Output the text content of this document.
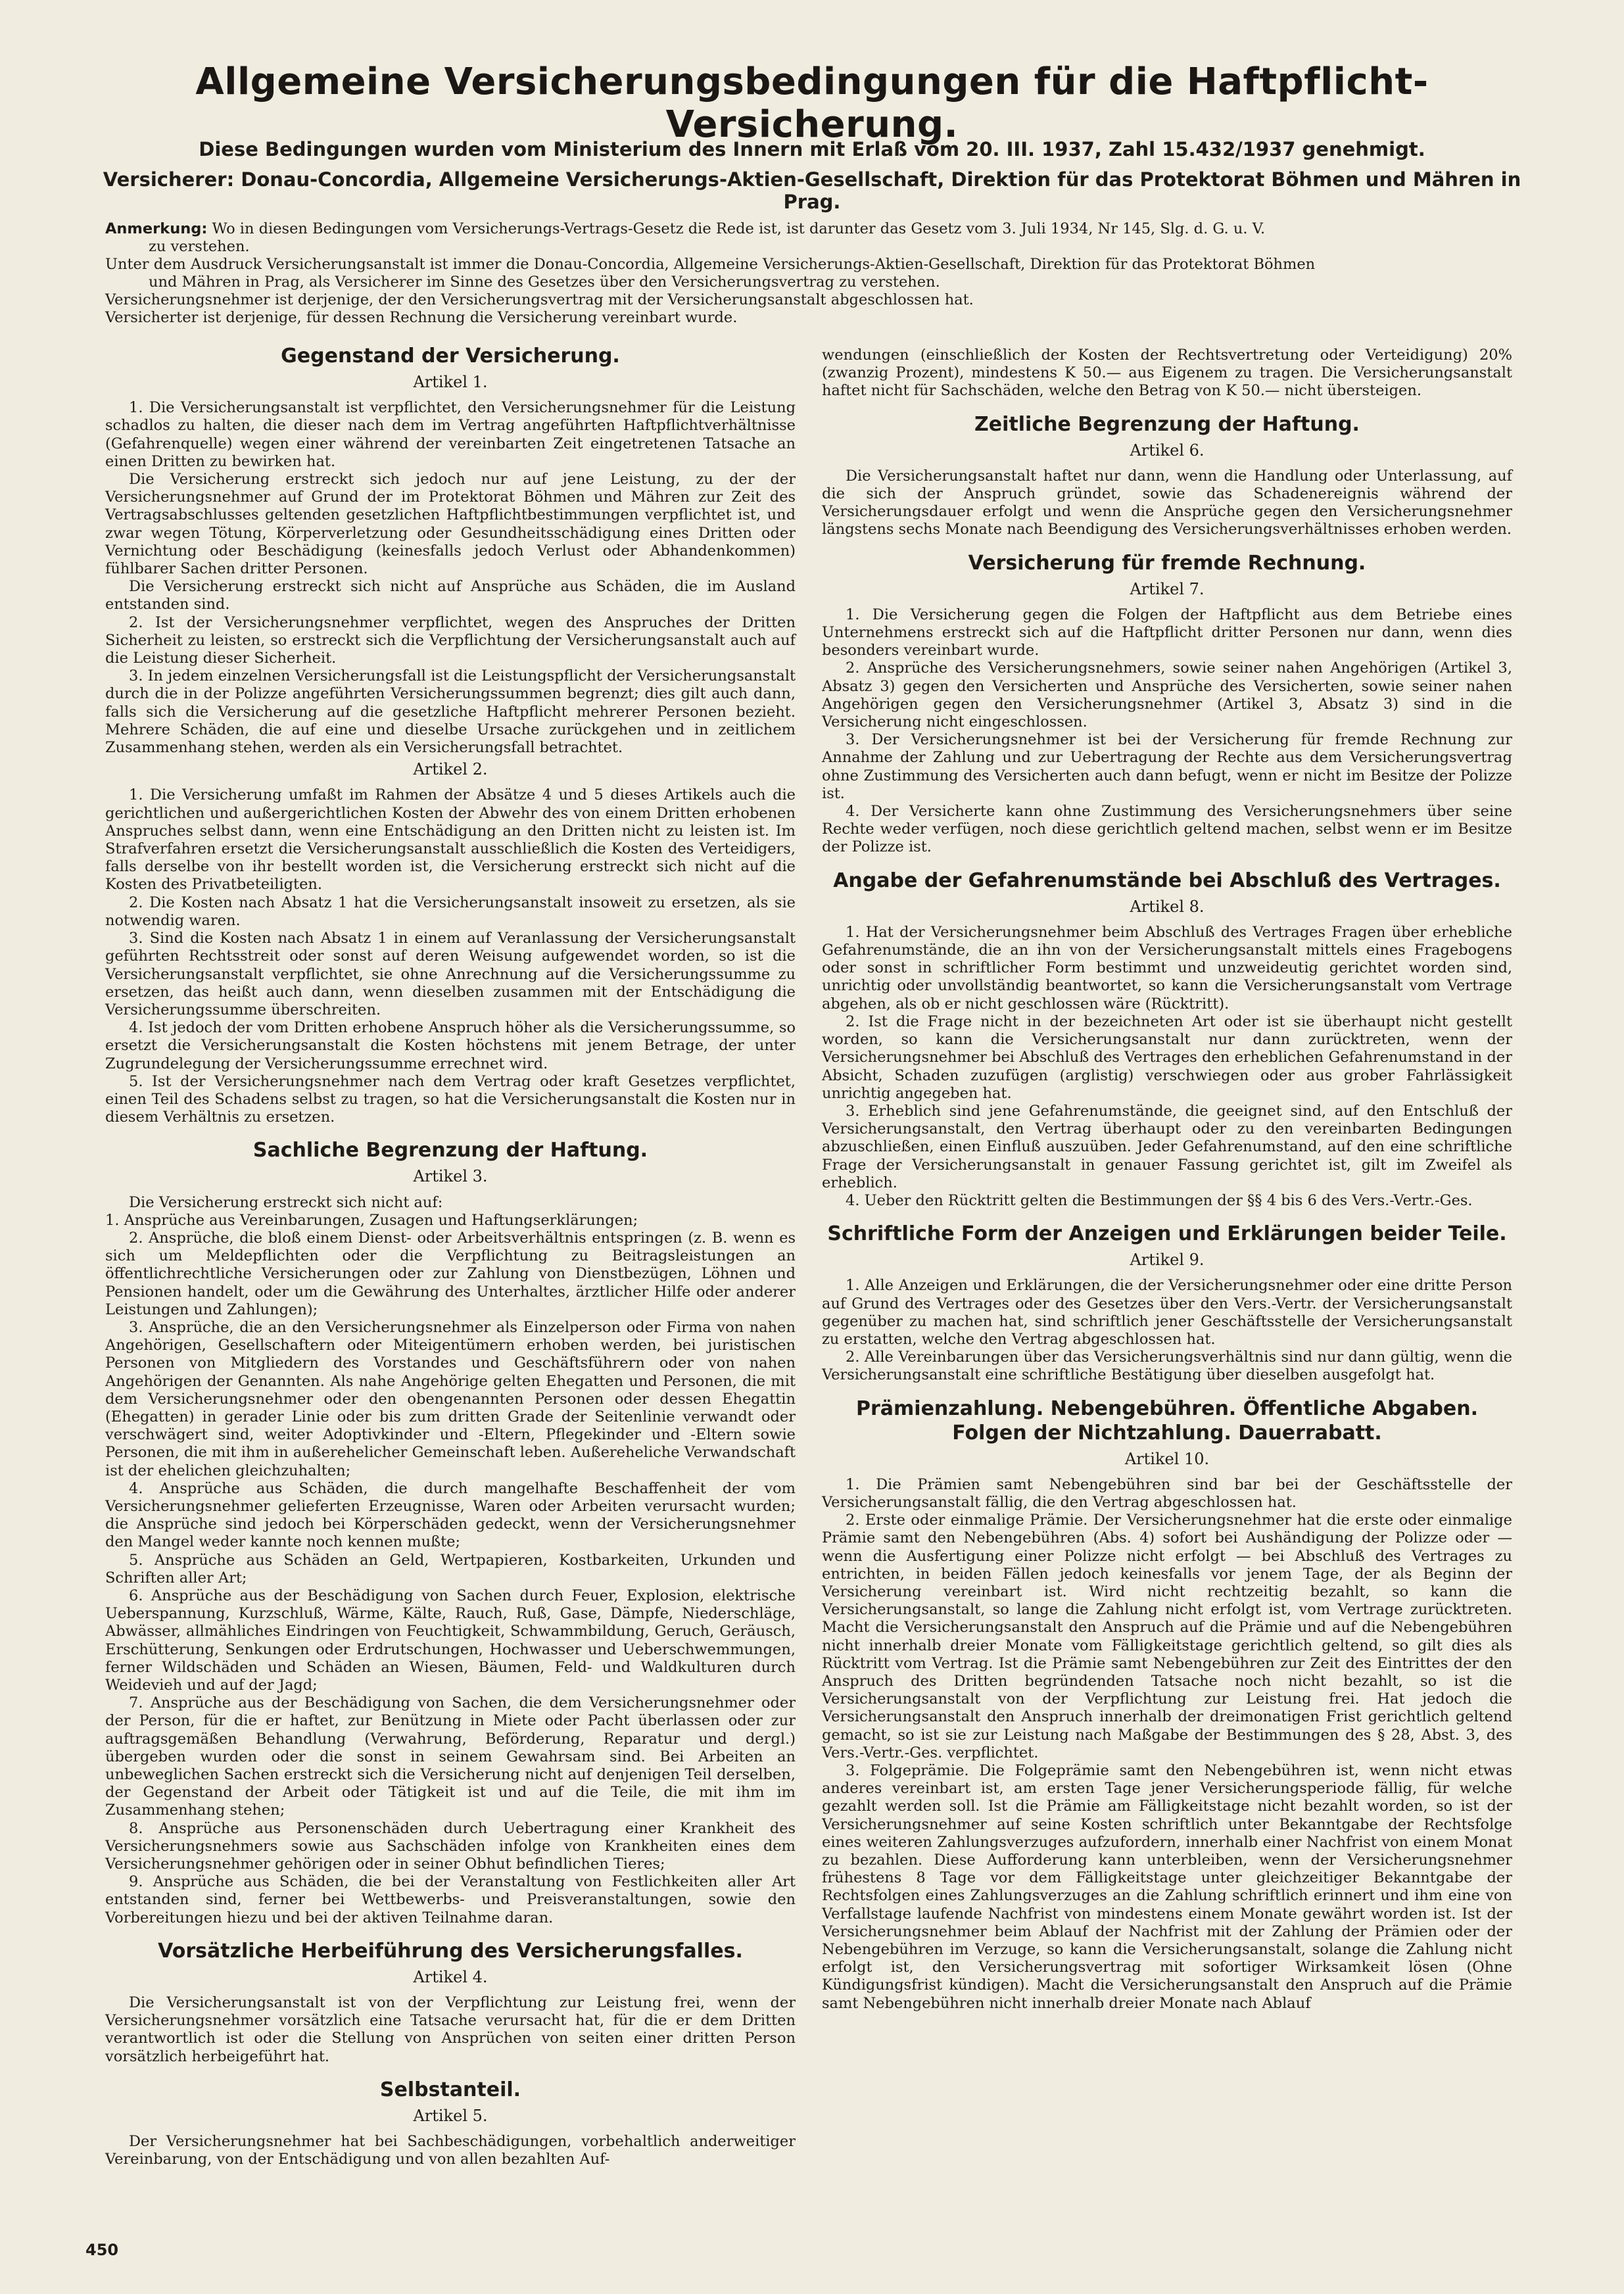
Allgemeine Versicherungsbedingungen für die Haftpflicht-Versicherung.

Diese Bedingungen wurden vom Ministerium des Innern mit Erlaß vom 20. III. 1937, Zahl 15.432/1937 genehmigt.

Versicherer: Donau-Concordia, Allgemeine Versicherungs-Aktien-Gesellschaft, Direktion für das Protektorat Böhmen und Mähren in Prag.

Anmerkung: Wo in diesen Bedingungen vom Versicherungs-Vertrags-Gesetz die Rede ist, ist darunter das Gesetz vom 3. Juli 1934, Nr 145, Slg. d. G. u. V.

zu verstehen.

Unter dem Ausdruck Versicherungsanstalt ist immer die Donau-Concordia, Allgemeine Versicherungs-Aktien-Gesellschaft, Direktion für das Protektorat Böhmen

und Mähren in Prag, als Versicherer im Sinne des Gesetzes über den Versicherungsvertrag zu verstehen.

Versicherungsnehmer ist derjenige, der den Versicherungsvertrag mit der Versicherungsanstalt abgeschlossen hat.

Versicherter ist derjenige, für dessen Rechnung die Versicherung vereinbart wurde.

Gegenstand der Versicherung.

Artikel 1.

1. Die Versicherungsanstalt ist verpflichtet, den Versicherungsnehmer für die Leistung schadlos zu halten, die dieser nach dem im Vertrag angeführten Haftpflichtverhältnisse (Gefahrenquelle) wegen einer während der vereinbarten Zeit eingetretenen Tatsache an einen Dritten zu bewirken hat.

Die Versicherung erstreckt sich jedoch nur auf jene Leistung, zu der der Versicherungsnehmer auf Grund der im Protektorat Böhmen und Mähren zur Zeit des Vertragsabschlusses geltenden gesetzlichen Haftpflichtbestimmungen verpflichtet ist, und zwar wegen Tötung, Körperverletzung oder Gesundheitsschädigung eines Dritten oder Vernichtung oder Beschädigung (keinesfalls jedoch Verlust oder Abhandenkommen) fühlbarer Sachen dritter Personen.

Die Versicherung erstreckt sich nicht auf Ansprüche aus Schäden, die im Ausland entstanden sind.

2. Ist der Versicherungsnehmer verpflichtet, wegen des Anspruches der Dritten Sicherheit zu leisten, so erstreckt sich die Verpflichtung der Versicherungsanstalt auch auf die Leistung dieser Sicherheit.

3. In jedem einzelnen Versicherungsfall ist die Leistungspflicht der Versicherungsanstalt durch die in der Polizze angeführten Versicherungssummen begrenzt; dies gilt auch dann, falls sich die Versicherung auf die gesetzliche Haftpflicht mehrerer Personen bezieht. Mehrere Schäden, die auf eine und dieselbe Ursache zurückgehen und in zeitlichem Zusammenhang stehen, werden als ein Versicherungsfall betrachtet.

Artikel 2.

1. Die Versicherung umfaßt im Rahmen der Absätze 4 und 5 dieses Artikels auch die gerichtlichen und außergerichtlichen Kosten der Abwehr des von einem Dritten erhobenen Anspruches selbst dann, wenn eine Entschädigung an den Dritten nicht zu leisten ist. Im Strafverfahren ersetzt die Versicherungsanstalt ausschließlich die Kosten des Verteidigers, falls derselbe von ihr bestellt worden ist, die Versicherung erstreckt sich nicht auf die Kosten des Privatbeteiligten.

2. Die Kosten nach Absatz 1 hat die Versicherungsanstalt insoweit zu ersetzen, als sie notwendig waren.

3. Sind die Kosten nach Absatz 1 in einem auf Veranlassung der Versicherungsanstalt geführten Rechtsstreit oder sonst auf deren Weisung aufgewendet worden, so ist die Versicherungsanstalt verpflichtet, sie ohne Anrechnung auf die Versicherungssumme zu ersetzen, das heißt auch dann, wenn dieselben zusammen mit der Entschädigung die Versicherungssumme überschreiten.

4. Ist jedoch der vom Dritten erhobene Anspruch höher als die Versicherungssumme, so ersetzt die Versicherungsanstalt die Kosten höchstens mit jenem Betrage, der unter Zugrundelegung der Versicherungssumme errechnet wird.

5. Ist der Versicherungsnehmer nach dem Vertrag oder kraft Gesetzes verpflichtet, einen Teil des Schadens selbst zu tragen, so hat die Versicherungsanstalt die Kosten nur in diesem Verhältnis zu ersetzen.

Sachliche Begrenzung der Haftung.

Artikel 3.

Die Versicherung erstreckt sich nicht auf:

1. Ansprüche aus Vereinbarungen, Zusagen und Haftungserklärungen;

2. Ansprüche, die bloß einem Dienst- oder Arbeitsverhältnis entspringen (z. B. wenn es sich um Meldepflichten oder die Verpflichtung zu Beitragsleistungen an öffentlichrechtliche Versicherungen oder zur Zahlung von Dienstbezügen, Löhnen und Pensionen handelt, oder um die Gewährung des Unterhaltes, ärztlicher Hilfe oder anderer Leistungen und Zahlungen);

3. Ansprüche, die an den Versicherungsnehmer als Einzelperson oder Firma von nahen Angehörigen, Gesellschaftern oder Miteigentümern erhoben werden, bei juristischen Personen von Mitgliedern des Vorstandes und Geschäftsführern oder von nahen Angehörigen der Genannten. Als nahe Angehörige gelten Ehegatten und Personen, die mit dem Versicherungsnehmer oder den obengenannten Personen oder dessen Ehegattin (Ehegatten) in gerader Linie oder bis zum dritten Grade der Seitenlinie verwandt oder verschwägert sind, weiter Adoptivkinder und -Eltern, Pflegekinder und -Eltern sowie Personen, die mit ihm in außerehelicher Gemeinschaft leben. Außereheliche Verwandschaft ist der ehelichen gleichzuhalten;

4. Ansprüche aus Schäden, die durch mangelhafte Beschaffenheit der vom Versicherungsnehmer gelieferten Erzeugnisse, Waren oder Arbeiten verursacht wurden; die Ansprüche sind jedoch bei Körperschäden gedeckt, wenn der Versicherungsnehmer den Mangel weder kannte noch kennen mußte;

5. Ansprüche aus Schäden an Geld, Wertpapieren, Kostbarkeiten, Urkunden und Schriften aller Art;

6. Ansprüche aus der Beschädigung von Sachen durch Feuer, Explosion, elektrische Ueberspannung, Kurzschluß, Wärme, Kälte, Rauch, Ruß, Gase, Dämpfe, Niederschläge, Abwässer, allmähliches Eindringen von Feuchtigkeit, Schwammbildung, Geruch, Geräusch, Erschütterung, Senkungen oder Erdrutschungen, Hochwasser und Ueberschwemmungen, ferner Wildschäden und Schäden an Wiesen, Bäumen, Feld- und Waldkulturen durch Weidevieh und auf der Jagd;

7. Ansprüche aus der Beschädigung von Sachen, die dem Versicherungsnehmer oder der Person, für die er haftet, zur Benützung in Miete oder Pacht überlassen oder zur auftragsgemäßen Behandlung (Verwahrung, Beförderung, Reparatur und dergl.) übergeben wurden oder die sonst in seinem Gewahrsam sind. Bei Arbeiten an unbeweglichen Sachen erstreckt sich die Versicherung nicht auf denjenigen Teil derselben, der Gegenstand der Arbeit oder Tätigkeit ist und auf die Teile, die mit ihm im Zusammenhang stehen;

8. Ansprüche aus Personenschäden durch Uebertragung einer Krankheit des Versicherungsnehmers sowie aus Sachschäden infolge von Krankheiten eines dem Versicherungsnehmer gehörigen oder in seiner Obhut befindlichen Tieres;

9. Ansprüche aus Schäden, die bei der Veranstaltung von Festlichkeiten aller Art entstanden sind, ferner bei Wettbewerbs- und Preisveranstaltungen, sowie den Vorbereitungen hiezu und bei der aktiven Teilnahme daran.

Vorsätzliche Herbeiführung des Versicherungsfalles.

Artikel 4.

Die Versicherungsanstalt ist von der Verpflichtung zur Leistung frei, wenn der Versicherungsnehmer vorsätzlich eine Tatsache verursacht hat, für die er dem Dritten verantwortlich ist oder die Stellung von Ansprüchen von seiten einer dritten Person vorsätzlich herbeigeführt hat.

Selbstanteil.

Artikel 5.

Der Versicherungsnehmer hat bei Sachbeschädigungen, vorbehaltlich anderweitiger Vereinbarung, von der Entschädigung und von allen bezahlten Auf-

wendungen (einschließlich der Kosten der Rechtsvertretung oder Verteidigung) 20% (zwanzig Prozent), mindestens K 50.— aus Eigenem zu tragen. Die Versicherungsanstalt haftet nicht für Sachschäden, welche den Betrag von K 50.— nicht übersteigen.

Zeitliche Begrenzung der Haftung.

Artikel 6.

Die Versicherungsanstalt haftet nur dann, wenn die Handlung oder Unterlassung, auf die sich der Anspruch gründet, sowie das Schadenereignis während der Versicherungsdauer erfolgt und wenn die Ansprüche gegen den Versicherungsnehmer längstens sechs Monate nach Beendigung des Versicherungsverhältnisses erhoben werden.

Versicherung für fremde Rechnung.

Artikel 7.

1. Die Versicherung gegen die Folgen der Haftpflicht aus dem Betriebe eines Unternehmens erstreckt sich auf die Haftpflicht dritter Personen nur dann, wenn dies besonders vereinbart wurde.

2. Ansprüche des Versicherungsnehmers, sowie seiner nahen Angehörigen (Artikel 3, Absatz 3) gegen den Versicherten und Ansprüche des Versicherten, sowie seiner nahen Angehörigen gegen den Versicherungsnehmer (Artikel 3, Absatz 3) sind in die Versicherung nicht eingeschlossen.

3. Der Versicherungsnehmer ist bei der Versicherung für fremde Rechnung zur Annahme der Zahlung und zur Uebertragung der Rechte aus dem Versicherungsvertrag ohne Zustimmung des Versicherten auch dann befugt, wenn er nicht im Besitze der Polizze ist.

4. Der Versicherte kann ohne Zustimmung des Versicherungsnehmers über seine Rechte weder verfügen, noch diese gerichtlich geltend machen, selbst wenn er im Besitze der Polizze ist.

Angabe der Gefahrenumstände bei Abschluß des Vertrages.

Artikel 8.

1. Hat der Versicherungsnehmer beim Abschluß des Vertrages Fragen über erhebliche Gefahrenumstände, die an ihn von der Versicherungsanstalt mittels eines Fragebogens oder sonst in schriftlicher Form bestimmt und unzweideutig gerichtet worden sind, unrichtig oder unvollständig beantwortet, so kann die Versicherungsanstalt vom Vertrage abgehen, als ob er nicht geschlossen wäre (Rücktritt).

2. Ist die Frage nicht in der bezeichneten Art oder ist sie überhaupt nicht gestellt worden, so kann die Versicherungsanstalt nur dann zurücktreten, wenn der Versicherungsnehmer bei Abschluß des Vertrages den erheblichen Gefahrenumstand in der Absicht, Schaden zuzufügen (arglistig) verschwiegen oder aus grober Fahrlässigkeit unrichtig angegeben hat.

3. Erheblich sind jene Gefahrenumstände, die geeignet sind, auf den Entschluß der Versicherungsanstalt, den Vertrag überhaupt oder zu den vereinbarten Bedingungen abzuschließen, einen Einfluß auszuüben. Jeder Gefahrenumstand, auf den eine schriftliche Frage der Versicherungsanstalt in genauer Fassung gerichtet ist, gilt im Zweifel als erheblich.

4. Ueber den Rücktritt gelten die Bestimmungen der §§ 4 bis 6 des Vers.-Vertr.-Ges.

Schriftliche Form der Anzeigen und Erklärungen beider Teile.

Artikel 9.

1. Alle Anzeigen und Erklärungen, die der Versicherungsnehmer oder eine dritte Person auf Grund des Vertrages oder des Gesetzes über den Vers.-Vertr. der Versicherungsanstalt gegenüber zu machen hat, sind schriftlich jener Geschäftsstelle der Versicherungsanstalt zu erstatten, welche den Vertrag abgeschlossen hat.

2. Alle Vereinbarungen über das Versicherungsverhältnis sind nur dann gültig, wenn die Versicherungsanstalt eine schriftliche Bestätigung über dieselben ausgefolgt hat.

Prämienzahlung. Nebengebühren. Öffentliche Abgaben. Folgen der Nichtzahlung. Dauerrabatt.

Artikel 10.

1. Die Prämien samt Nebengebühren sind bar bei der Geschäftsstelle der Versicherungsanstalt fällig, die den Vertrag abgeschlossen hat.

2. Erste oder einmalige Prämie. Der Versicherungsnehmer hat die erste oder einmalige Prämie samt den Nebengebühren (Abs. 4) sofort bei Aushändigung der Polizze oder — wenn die Ausfertigung einer Polizze nicht erfolgt — bei Abschluß des Vertrages zu entrichten, in beiden Fällen jedoch keinesfalls vor jenem Tage, der als Beginn der Versicherung vereinbart ist. Wird nicht rechtzeitig bezahlt, so kann die Versicherungsanstalt, so lange die Zahlung nicht erfolgt ist, vom Vertrage zurücktreten. Macht die Versicherungsanstalt den Anspruch auf die Prämie und auf die Nebengebühren nicht innerhalb dreier Monate vom Fälligkeitstage gerichtlich geltend, so gilt dies als Rücktritt vom Vertrag. Ist die Prämie samt Nebengebühren zur Zeit des Eintrittes der den Anspruch des Dritten begründenden Tatsache noch nicht bezahlt, so ist die Versicherungsanstalt von der Verpflichtung zur Leistung frei. Hat jedoch die Versicherungsanstalt den Anspruch innerhalb der dreimonatigen Frist gerichtlich geltend gemacht, so ist sie zur Leistung nach Maßgabe der Bestimmungen des § 28, Abst. 3, des Vers.-Vertr.-Ges. verpflichtet.

3. Folgeprämie. Die Folgeprämie samt den Nebengebühren ist, wenn nicht etwas anderes vereinbart ist, am ersten Tage jener Versicherungsperiode fällig, für welche gezahlt werden soll. Ist die Prämie am Fälligkeitstage nicht bezahlt worden, so ist der Versicherungsnehmer auf seine Kosten schriftlich unter Bekanntgabe der Rechtsfolge eines weiteren Zahlungsverzuges aufzufordern, innerhalb einer Nachfrist von einem Monat zu bezahlen. Diese Aufforderung kann unterbleiben, wenn der Versicherungsnehmer frühestens 8 Tage vor dem Fälligkeitstage unter gleichzeitiger Bekanntgabe der Rechtsfolgen eines Zahlungsverzuges an die Zahlung schriftlich erinnert und ihm eine von Verfallstage laufende Nachfrist von mindestens einem Monate gewährt worden ist. Ist der Versicherungsnehmer beim Ablauf der Nachfrist mit der Zahlung der Prämien oder der Nebengebühren im Verzuge, so kann die Versicherungsanstalt, solange die Zahlung nicht erfolgt ist, den Versicherungsvertrag mit sofortiger Wirksamkeit lösen (Ohne Kündigungsfrist kündigen). Macht die Versicherungsanstalt den Anspruch auf die Prämie samt Nebengebühren nicht innerhalb dreier Monate nach Ablauf

450
